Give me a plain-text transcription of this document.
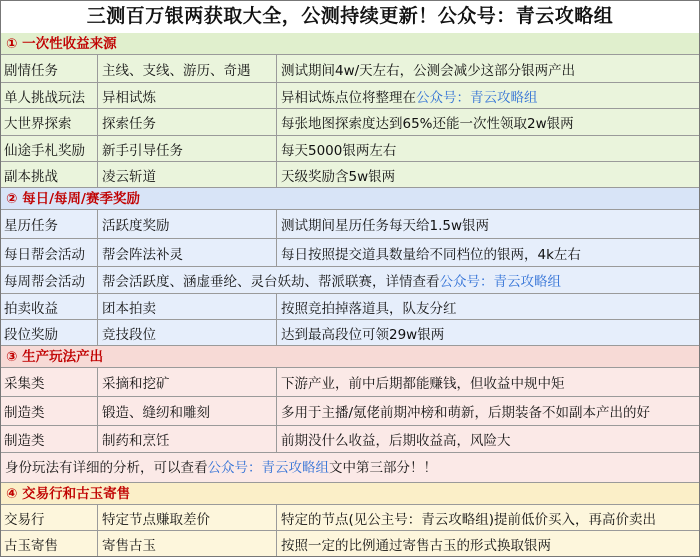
三测百万银两获取大全，公测持续更新！公众号：青云攻略组
① 一次性收益来源
剧情任务	主线、支线、游历、奇遇	测试期间4w/天左右，公测会减少这部分银两产出
单人挑战玩法	异相试炼	异相试炼点位将整理在 公众号：青云攻略组
大世界探索	探索任务	每张地图探索度达到65%还能一次性领取2w银两
仙途手札奖励	新手引导任务	每天5000银两左右
副本挑战	凌云斩道	天级奖励含5w银两
② 每日/每周/赛季奖励
星历任务	活跃度奖励	测试期间星历任务每天给1.5w银两
每日帮会活动	帮会阵法补灵	每日按照提交道具数量给不同档位的银两，4k左右
每周帮会活动	帮会活跃度、涵虚垂纶、灵台妖劫、帮派联赛，详情查看 公众号：青云攻略组
拍卖收益	团本拍卖	按照竞拍掉落道具，队友分红
段位奖励	竞技段位	达到最高段位可领29w银两
③ 生产玩法产出
采集类	采摘和挖矿	下游产业，前中后期都能赚钱，但收益中规中矩
制造类	锻造、缝纫和雕刻	多用于主播/氪佬前期冲榜和萌新，后期装备不如副本产出的好
制造类	制药和烹饪	前期没什么收益，后期收益高，风险大
身份玩法有详细的分析，可以查看公众号：青云攻略组文中第三部分！！
④ 交易行和古玉寄售
交易行	特定节点赚取差价	特定的节点(见公主号：青云攻略组)提前低价买入，再高价卖出
古玉寄售	寄售古玉	按照一定的比例通过寄售古玉的形式换取银两
